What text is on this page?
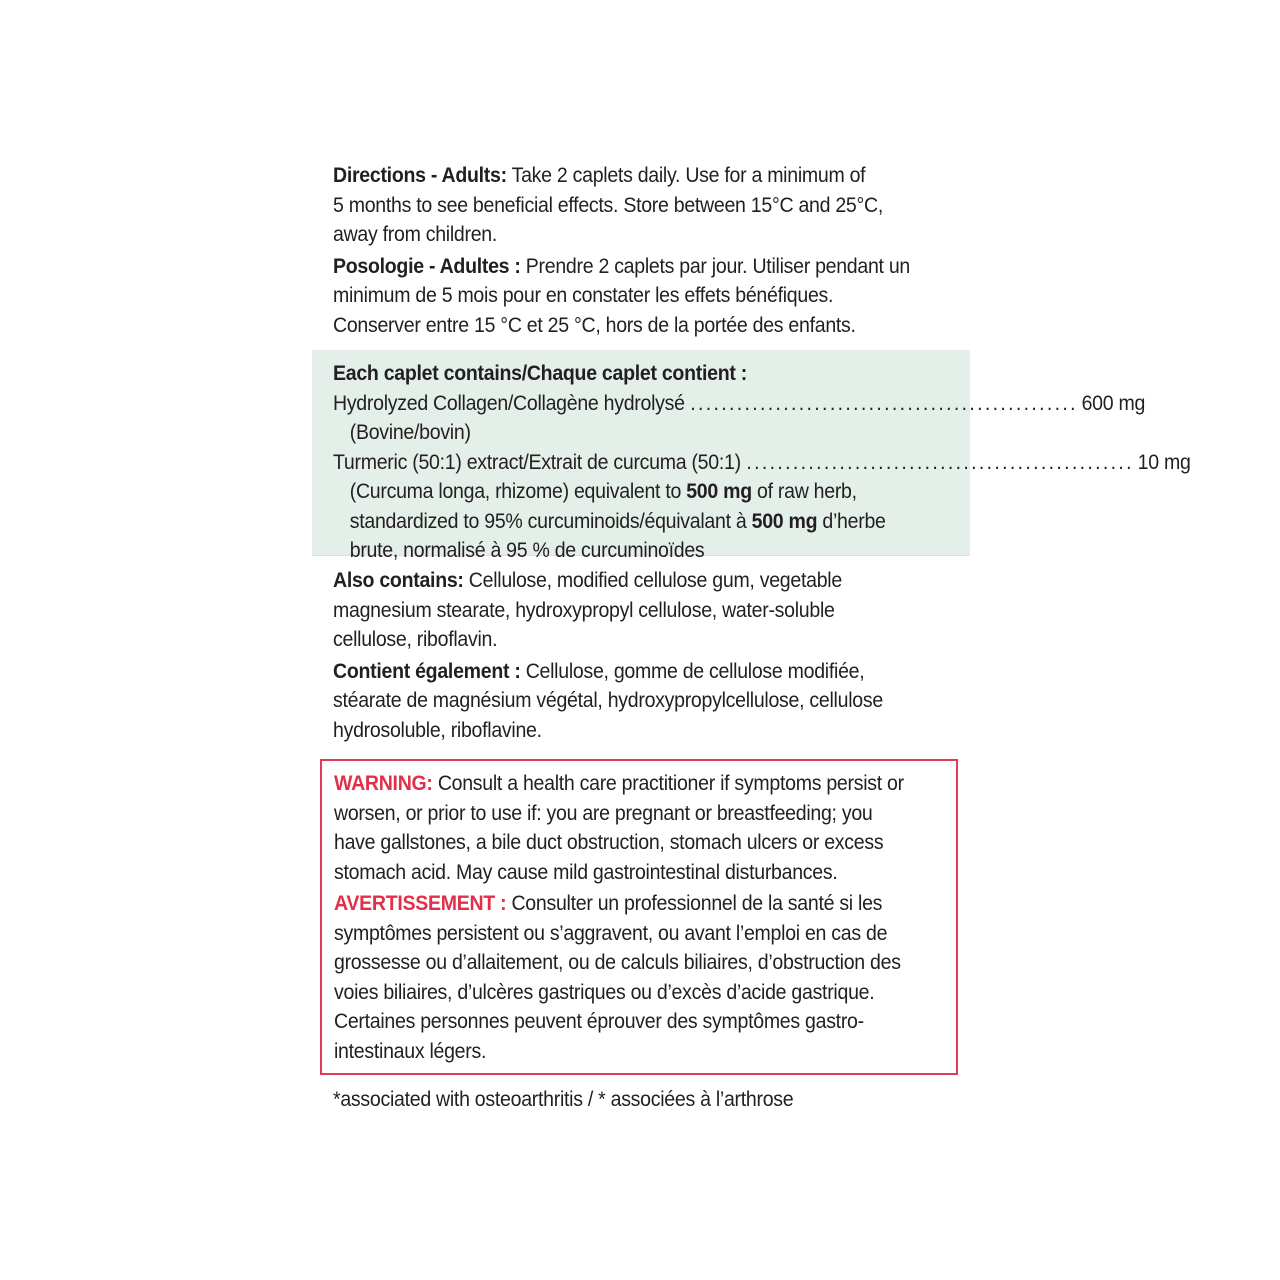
Directions - Adults: Take 2 caplets daily. Use for a minimum of
5 months to see beneficial effects. Store between 15°C and 25°C,
away from children.
Posologie - Adultes : Prendre 2 caplets par jour. Utiliser pendant un
minimum de 5 mois pour en constater les effets bénéfiques.
Conserver entre 15 °C et 25 °C, hors de la portée des enfants.
Each caplet contains/Chaque caplet contient :
Hydrolyzed Collagen/Collagène hydrolysé .................................................. 600 mg
(Bovine/bovin)
Turmeric (50:1) extract/Extrait de curcuma (50:1) .................................................. 10 mg
(Curcuma longa, rhizome) equivalent to 500 mg of raw herb,
standardized to 95% curcuminoids/équivalant à 500 mg d’herbe
brute, normalisé à 95 % de curcuminoïdes
Also contains: Cellulose, modified cellulose gum, vegetable
magnesium stearate, hydroxypropyl cellulose, water-soluble
cellulose, riboflavin.
Contient également : Cellulose, gomme de cellulose modifiée,
stéarate de magnésium végétal, hydroxypropylcellulose, cellulose
hydrosoluble, riboflavine.
WARNING: Consult a health care practitioner if symptoms persist or
worsen, or prior to use if: you are pregnant or breastfeeding; you
have gallstones, a bile duct obstruction, stomach ulcers or excess
stomach acid. May cause mild gastrointestinal disturbances.
AVERTISSEMENT : Consulter un professionnel de la santé si les
symptômes persistent ou s’aggravent, ou avant l’emploi en cas de
grossesse ou d’allaitement, ou de calculs biliaires, d’obstruction des
voies biliaires, d’ulcères gastriques ou d’excès d’acide gastrique.
Certaines personnes peuvent éprouver des symptômes gastro-
intestinaux légers.
*associated with osteoarthritis / * associées à l’arthrose
